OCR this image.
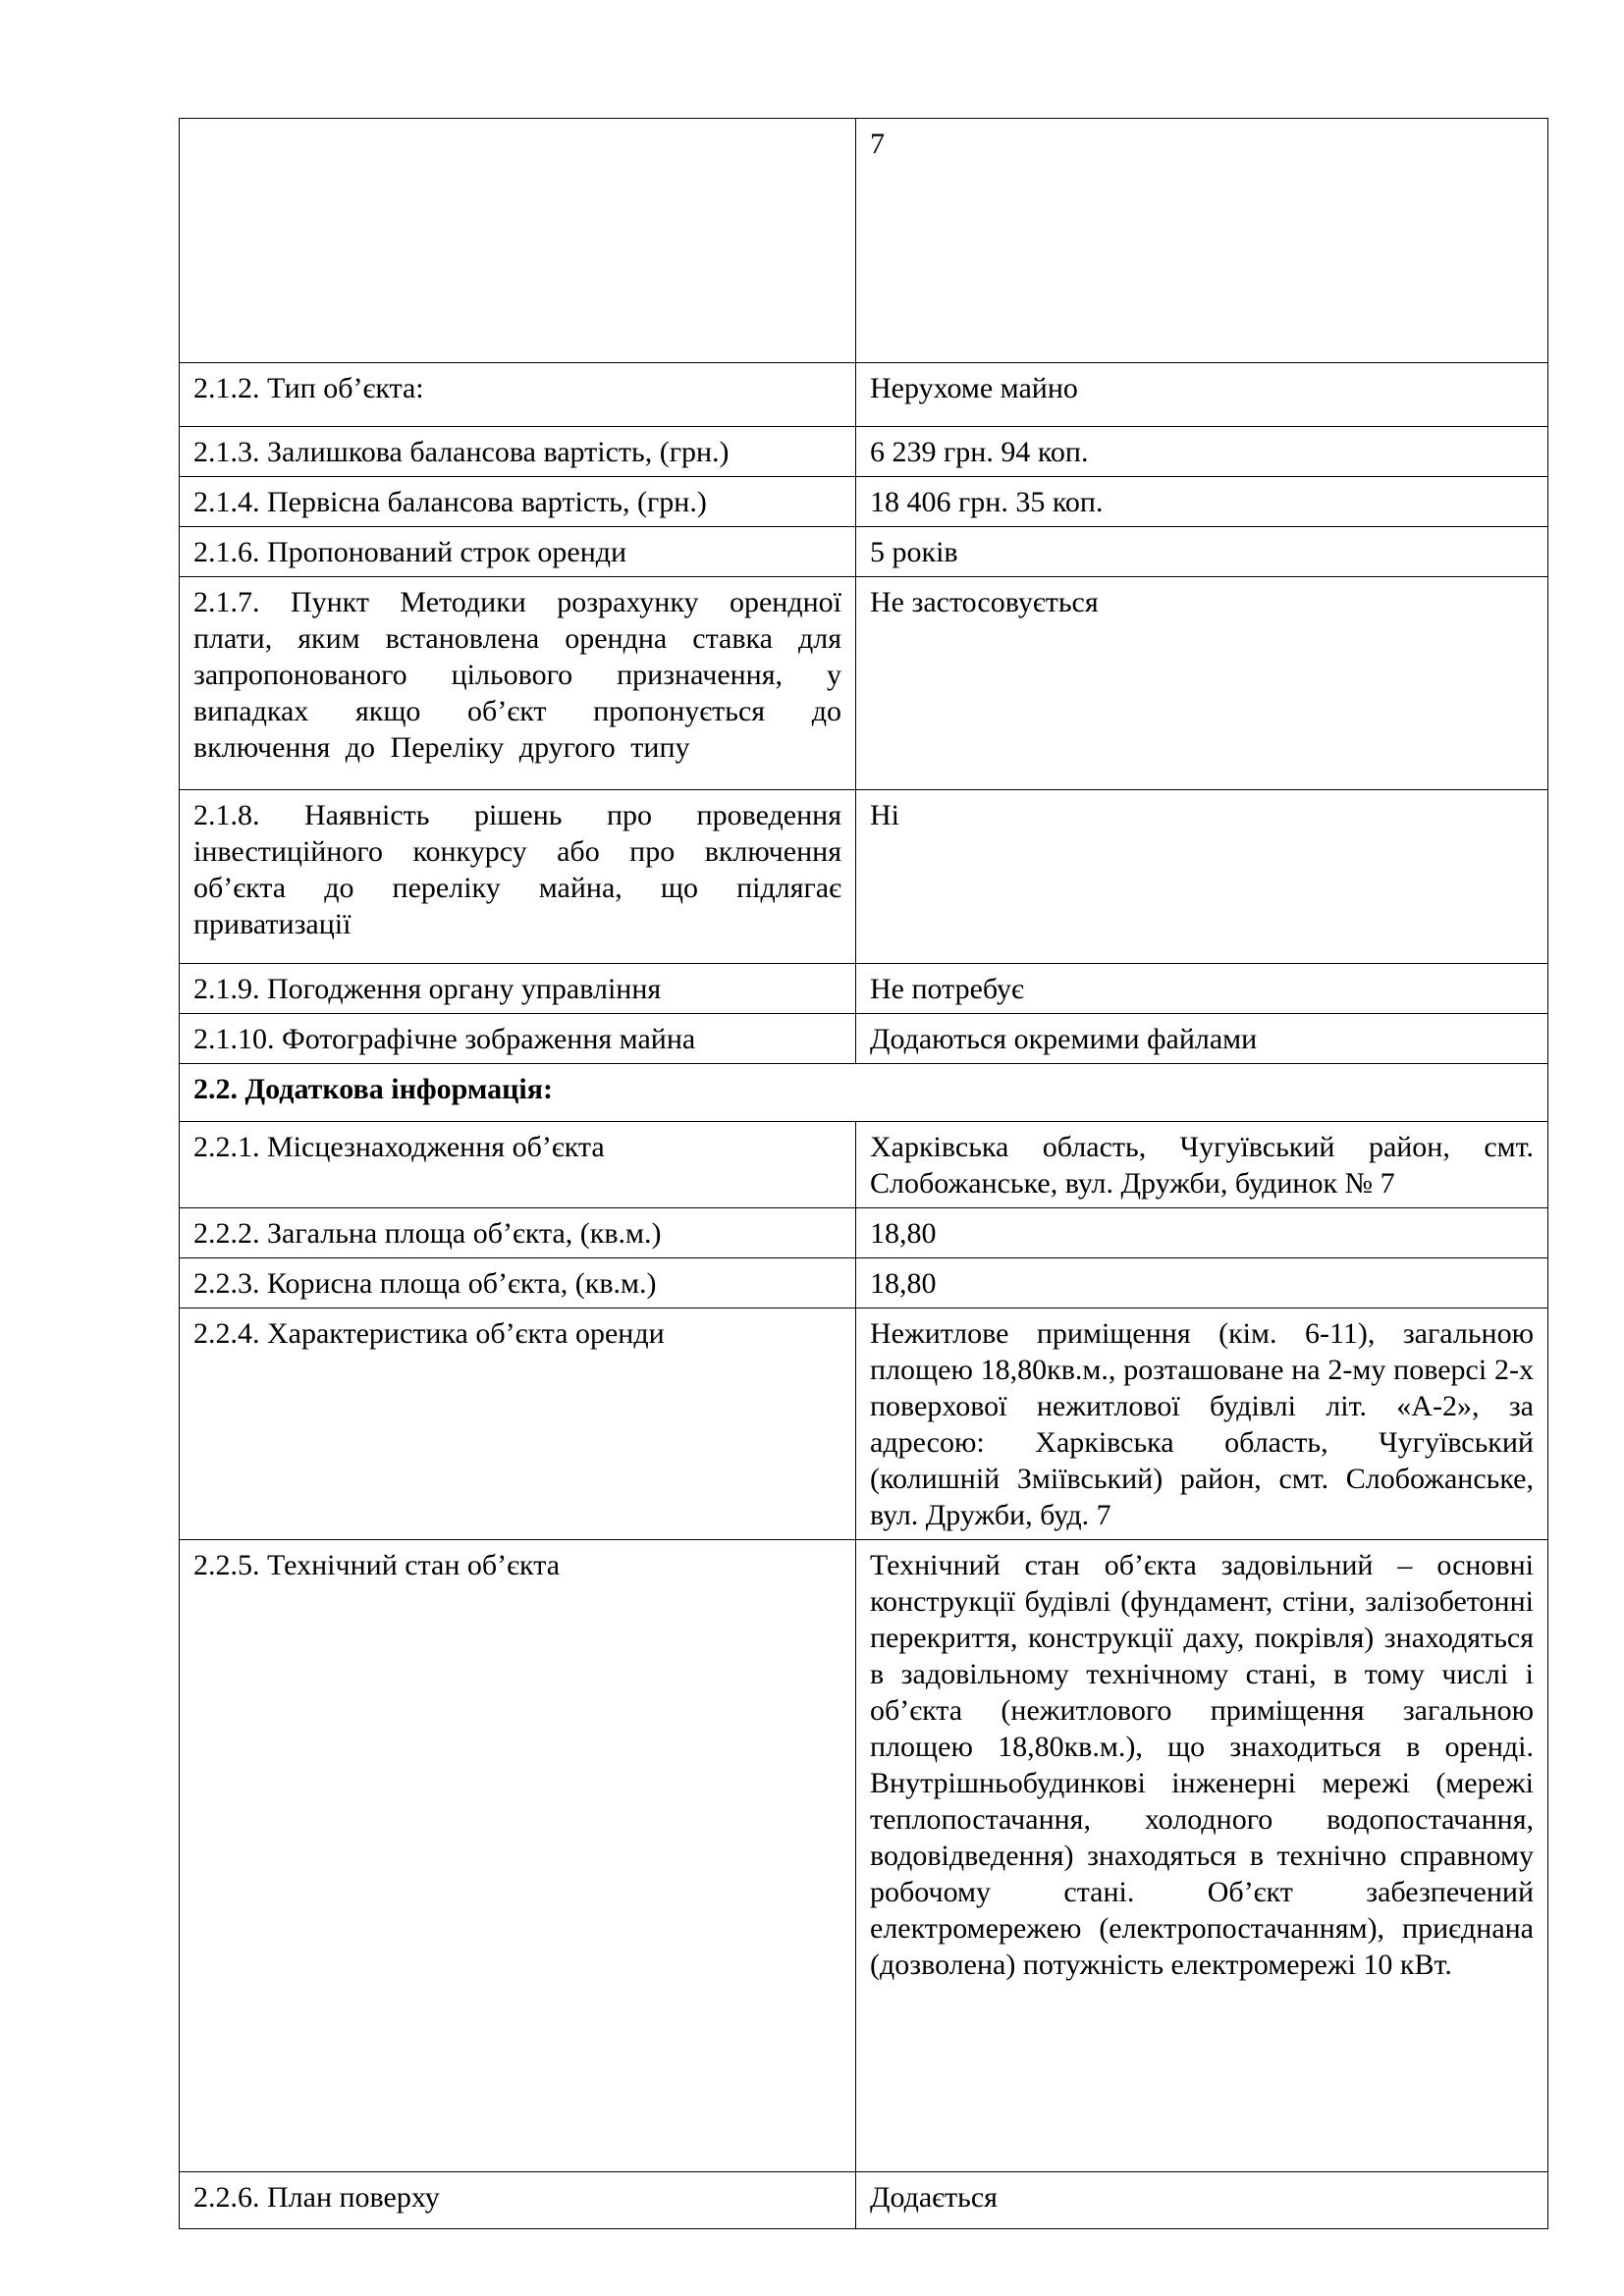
	7
2.1.2. Тип об’єкта:	Нерухоме майно
2.1.3. Залишкова балансова вартість, (грн.)	6 239 грн. 94 коп.
2.1.4. Первісна балансова вартість, (грн.)	18 406 грн. 35 коп.
2.1.6. Пропонований строк оренди	5 років
2.1.7. Пункт Методики розрахунку орендної плати, яким встановлена орендна ставка для запропонованого цільового призначення, у випадках якщо об’єкт пропонується до включення до Переліку другого типу	Не застосовується
2.1.8. Наявність рішень про проведення інвестиційного конкурсу або про включення об’єкта до переліку майна, що підлягає приватизації	Ні
2.1.9. Погодження органу управління	Не потребує
2.1.10. Фотографічне зображення майна	Додаються окремими файлами
2.2. Додаткова інформація:	
2.2.1. Місцезнаходження об’єкта	Харківська область, Чугуївський район, смт. Слобожанське, вул. Дружби, будинок № 7
2.2.2. Загальна площа об’єкта, (кв.м.)	18,80
2.2.3. Корисна площа об’єкта, (кв.м.)	18,80
2.2.4. Характеристика об’єкта оренди	Нежитлове приміщення (кім. 6-11), загальною площею 18,80кв.м., розташоване на 2-му поверсі 2-х поверхової нежитлової будівлі літ. «А-2», за адресою: Харківська область, Чугуївський (колишній Зміївський) район, смт. Слобожанське, вул. Дружби, буд. 7
2.2.5. Технічний стан об’єкта	Технічний стан об’єкта задовільний – основні конструкції будівлі (фундамент, стіни, залізобетонні перекриття, конструкції даху, покрівля) знаходяться в задовільному технічному стані, в тому числі і об’єкта (нежитлового приміщення загальною площею 18,80кв.м.), що знаходиться в оренді. Внутрішньобудинкові інженерні мережі (мережі теплопостачання, холодного водопостачання, водовідведення) знаходяться в технічно справному робочому стані. Об’єкт забезпечений електромережею (електропостачанням), приєднана (дозволена) потужність електромережі 10 кВт.
2.2.6. План поверху	Додається
